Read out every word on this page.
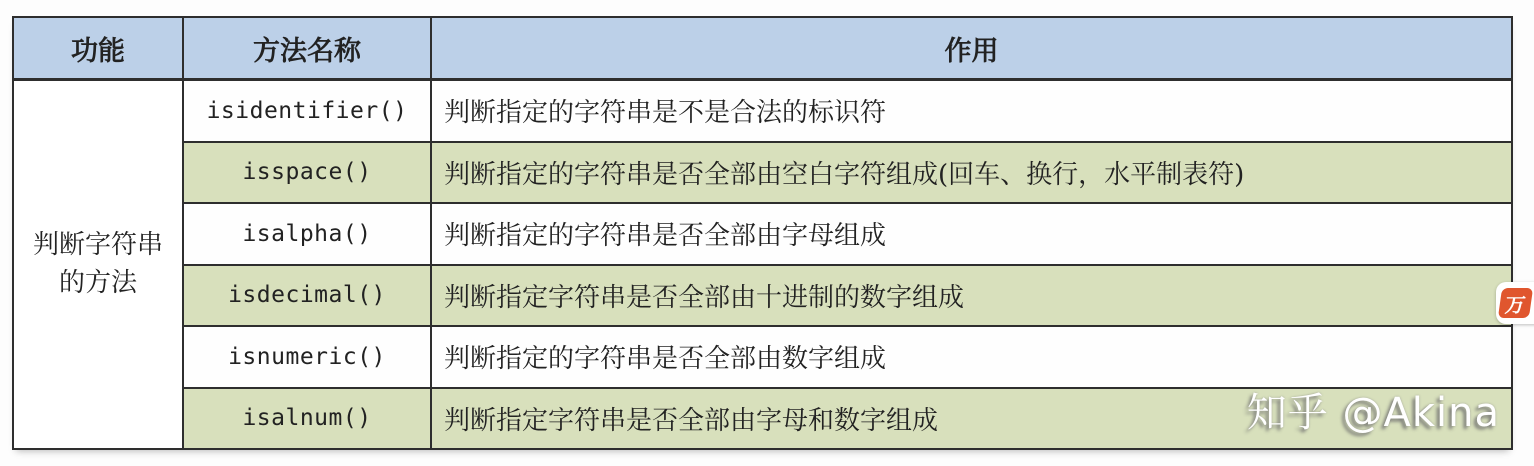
功能	方法名称	作用
判断字符串
的方法
isidentifier()	判断指定的字符串是不是合法的标识符
isspace()	判断指定的字符串是否全部由空白字符组成(回车、换行，水平制表符)
isalpha()	判断指定的字符串是否全部由字母组成
isdecimal()	判断指定字符串是否全部由十进制的数字组成
isnumeric()	判断指定的字符串是否全部由数字组成
isalnum()	判断指定字符串是否全部由字母和数字组成	知乎 @Akina
万
